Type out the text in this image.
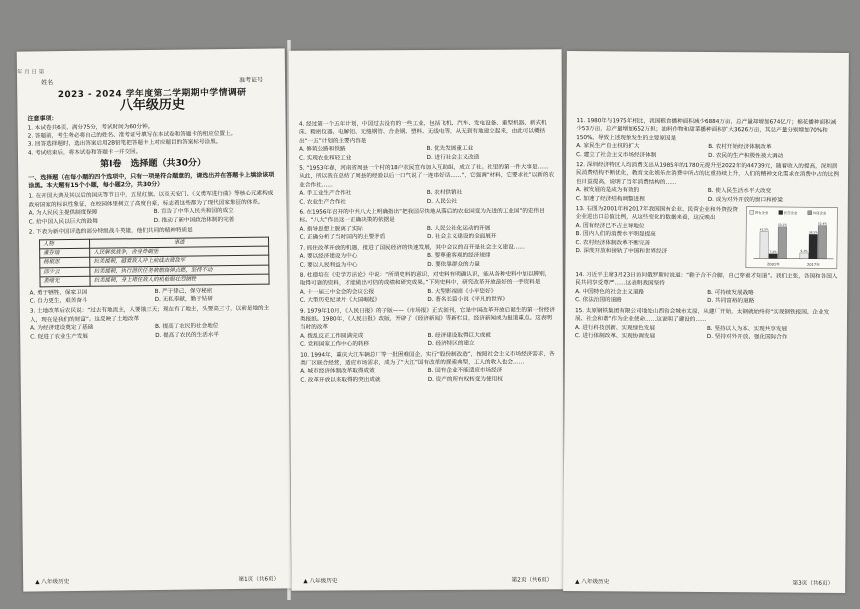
年 月 日 第
姓名	准考证号
2023 - 2024 学年度第二学期期中学情调研
八年级历史
注意事项：
1. 本试卷共6页，满分75分，考试时间为60分钟。
2. 答题前，考生务必将自己的姓名、准考证号填写在本试卷和答题卡的相应位置上。
3. 回答选择题时，选出答案后用2B铅笔把答题卡上对应题目的答案标号涂黑。
4. 考试结束后，将本试卷和答题卡一并交回。
第Ⅰ卷　选择题（共30分）
一、选择题（在每小题的四个选项中，只有一项是符合题意的，请选出并在答题卡上填涂该项涂黑。本大题有15个小题，每小题2分，共30分）
1. 在开国大典及其以后的国庆等节日中，五星红旗、以及天安门、《义勇军进行曲》等核心元素构成政府国家的标识性象征，在校园体里树立了高度自豪，标志着这些都为了现代国家象征的体系。
A. 为人民民主提供制度保障	B. 宣告了中华人民共和国的成立
C. 给中国人民以巨大的鼓舞	D. 推动了新中国政治体制的完善
2. 下表为新中国评选的部分特级战斗英雄，他们共同的精神特质是
人物	事迹
董存瑞	人民解放战争，舍身炸碉堡
杨根思	抗美援朝，越着敌人冲上前线击溃敌军
邱少云	抗美援朝，执行潜伏任务被燃烧弹点燃，坚持不动
黄继光	抗美援朝，身上堵住敌人的机枪眼壮烈牺牲
A. 勇于牺牲，保家卫国	B. 严于律己，保守秘密
C. 自力更生，艰苦奋斗	D. 无私奉献，勤于钻研
3. 土地改革后农民说：“过去有地流主，人要饿三天；现在有了地主，头要高三寸，以前是地的主人，现在是我们的财富”。这反映了土地改革
A. 为经济建设奠定了基础	B. 提高了农民的社会地位
C. 促进了农业生产发展	D. 提高了农民的生活水平
▲ 八年级历史	第1页（共6页）
4. 经过第一个五年计划，中国过去没有的一些工业，包括飞机、汽车、发电设备、重型机器、新式机床、精密仪器、电解铝、无缝钢管、合金钢、塑料、无线电等，从无到有地建立起来，由此可以概括出“一五”计划的主要内容是
A. 修筑公路和铁路	B. 优先发展重工业
C. 实现农业和轻工业	D. 进行社会主义改造
5. “1953年春，河南省周县一个村的18户农民宣布加入互助组，成立了社。社里的第一件大事是……从此，所以我在总结了周县的经验以后一口气说了一连串好话……”，它强调“材料，它要求社”以新的农业合作社……
A. 手工业生产合作社	B. 农村供销社
C. 农业生产合作社	D. 人民公社
6. 在1956年召开的中共八大上明确指出“把我国尽快地从落后的农业国变为先进的工业国”的宏伟目标。“八大”作出这一正确决策的依据是
A. 指导思想上脱离了实际	B. 人民公社化运动的开展
C. 正确分析了当时国内的主要矛盾	D. 社会主义建设的全面展开
7. 抓住改革开放的机遇，推进了国民经济的快速发展，其中会议的召开是社会主义建设……
A. 要以经济建设为中心	B. 要尊重客观的经济规律
C. 要以人民利益为中心	D. 要依靠群众的力量
8. 杜德培在《史学方法论》中说：“所谓史料的意识，对史料有明确认识，能从各种史料中加以辨别，取得可靠的资料，才能做出可信的成绩和研究成果。”下列史料中，研究改革开放最好的一手资料是
A. 十一届三中全会的会议公报	B. 大型影视剧《小平您好》
C. 大型历史纪录片《大国崛起》	D. 著名长篇小说《平凡的世界》
9. 1979年10月，《人民日报》的子版——《市场报》正式创刊，它是中国改革开放后诞生的第一份经济类报纸。1980年，《人民日报》改版，开辟了《经济新闻》等新栏目，经济新闻成为报道重点。这表明当时的改革
A. 拨乱反正工作圆满完成	B. 经济建设取得巨大成就
C. 党和国家工作中心的转移	D. 经济特区的建立
10. 1994年，重庆大江车辆总厂等一批困难国企，实行“股份制改造”，按照社会主义市场经济需求，各类厂区联合经营，适应市场需求，成为了“大江”国有改革的探索典型，工人的收入也会……
A. 城市经济体制改革取得成效	B. 国有企业不能适应市场经济
C. 改革开放以来取得的突出成就	D. 资产的所有权转变为使用权
▲ 八年级历史	第2页（共6页）
11. 1980年与1975年相比，我国粮食播种面积减少6884万亩，总产量却增加674亿斤；棉花播种面积减少53万亩，总产量增加652万担；油料作物和甜菜播种面积扩大3626万亩，其总产量分别增加70%和150%。导致上述现象发生的主要原因是
A. 家民生产自主权的扩大	B. 农村开始经济体制改革
C. 建立了社会主义市场经济体制	D. 农民的生产积极性被大调动
12. 深圳经济特区人均消费支出从1985年的1780元提升至2022年的44739元，随着收入的提高，深圳居民消费结构不断优化，教育文化娱乐在消费中所占的比重持续上升，人们的精神文化需求在消费中占的比例也日益提高，说明了当年消费结构的……
A. 被发展的是成为有效的	B. 使人民生活水平大改变
C. 加速了经济结构调整进程	D. 成为对外开放的窗口和桥梁
国有企业	民营企业	外资企业
42.5%
7.4%
50.1%
2001年
9.1%
38.5%
52.4%
2017年
13. 右图为2001年和2017年我国国有企业、民营企业和外资投资企业进出口总值比例，从这些变化的数据来看，这反映出
A. 国有经济已不占主导地位
B. 国内人们的消费水平明显提高
C. 农村经济体制改革不断完善
D. 深度开放和接轨了中国和世界经济
14. 习近平主席3月23日访问俄罗斯时说道：“鞋子合不合脚，自己穿着才知道”。我们主张，各国和各国人民共同享受尊严……这表明我国坚持
A. 中国特色的社会主义道路	B. 可持续发展战略
C. 依法治国的道路	D. 共同富裕的道路
15. 太原钢铁集团有限公司地处山西省会城市太原，从建厂开始，太钢就始终将“实现钢铁报国、企业发展、社会和谐”作为企业使命……这说明了建设的……
A. 进行科技创新、实现绿色发展	B. 坚持以人为本、实现共享发展
C. 进行体制改革、实现协调发展	D. 坚持对外开放、强化国际合作
▲ 八年级历史	第3页（共6页）
